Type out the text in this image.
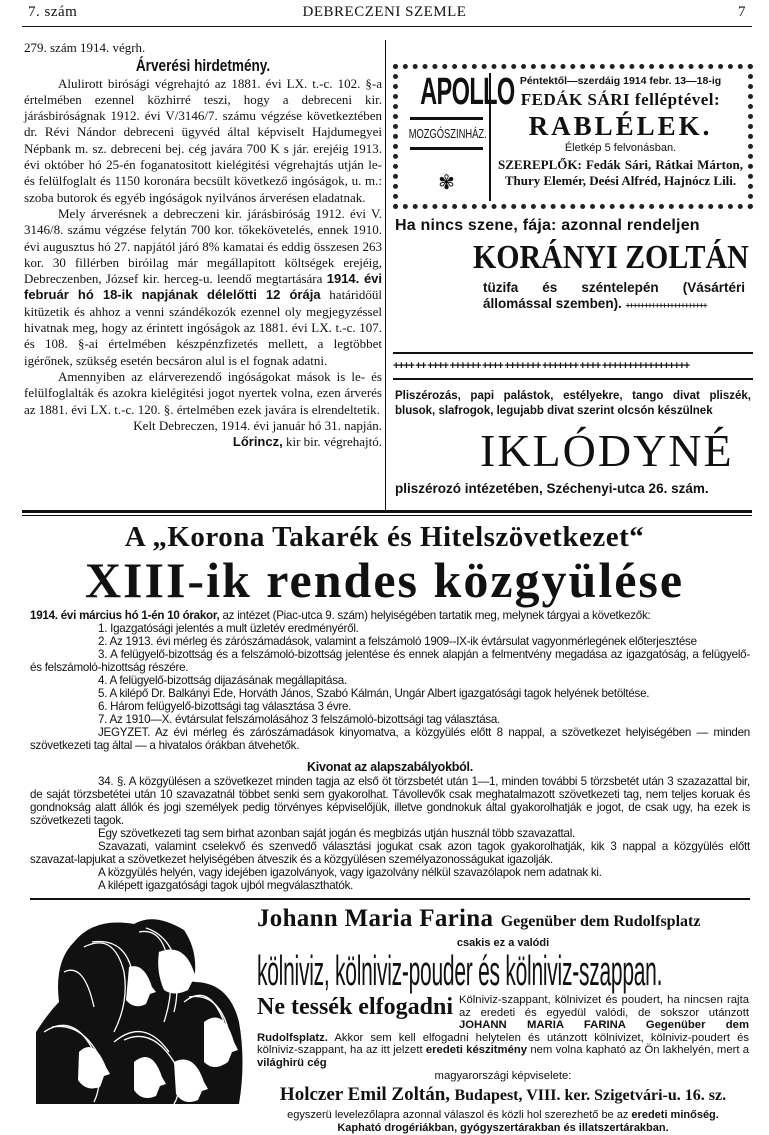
7. szám	DEBRECZENI SZEMLE	7
279. szám 1914. végrh.
Árverési hirdetmény.

Alulirott birósági végrehajtó az 1881. évi LX. t.-c. 102. §-a értelmében ezennel közhirré teszi, hogy a debreceni kir. járásbiróságnak 1912. évi V/3146/7. számu végzése következtében dr. Révi Nándor debreceni ügyvéd által képviselt Hajdumegyei Népbank m. sz. debreceni bej. cég javára 700 K s jár. erejéig 1913. évi október hó 25-én foganatositott kielégitési végrehajtás utján le- és felülfoglalt és 1150 koronára becsült következő ingóságok, u. m.: szoba butorok és egyéb ingóságok nyilvános árverésen eladatnak.

Mely árverésnek a debreczeni kir. járásbiróság 1912. évi V. 3146/8. számu végzése felytán 700 kor. tőkekövetelés, ennek 1910. évi augusztus hó 27. napjától járó 8% kamatai és eddig összesen 263 kor. 30 fillérben biróilag már megállapitott költségek erejéig, Debreczenben, József kir. herceg-u. leendő megtartására 1914. évi február hó 18-ik napjának délelőtti 12 órája határidőül kitüzetik és ahhoz a venni szándékozók ezennel oly megjegyzéssel hivatnak meg, hogy az érintett ingóságok az 1881. évi LX. t.-c. 107. és 108. §-ai értelmében készpénzfizetés mellett, a legtöbbet igérőnek, szükség esetén becsáron alul is el fognak adatni.

Amennyiben az elárverezendő ingóságokat mások is le- és felülfoglalták és azokra kielégitési jogot nyertek volna, ezen árverés az 1881. évi LX. t.-c. 120. §. értelmében ezek javára is elrendeltetik.

Kelt Debreczen, 1914. évi január hó 31. napján.
Lőrincz, kir bir. végrehajtó.
APOLLO
MOZGÓSZINHÁZ.
✾
Péntektől—szerdáig 1914 febr. 13—18-ig
FEDÁK SÁRI felléptével:
RABLÉLEK.
Életkép 5 felvonásban.
SZEREPLŐK: Fedák Sári, Rátkai Márton, Thury Elemér, Deési Alfréd, Hajnócz Lili.
Ha nincs szene, fája: azonnal rendeljen
KORÁNYI ZOLTÁN
tüzifa és széntelepén (Vásártéri állomással szemben). ++++++++++++++++++++++
++++ ++ ++++ ++++++ ++++ +++++++ +++++++ ++++ +++++++++++++++++
Pliszérozás, papi palástok, estélyekre, tango divat pliszék, blusok, slafrogok, legujabb divat szerint olcsón készülnek
IKLÓDYNÉ
pliszérozó intézetében, Széchenyi-utca 26. szám.
A „Korona Takarék és Hitelszövetkezet“
XIII-ik rendes közgyülése
1914. évi március hó 1-én 10 órakor, az intézet (Piac-utca 9. szám) helyiségében tartatik meg, melynek tárgyai a következők:
1. Igazgatósági jelentés a mult üzletév eredményéről.
2. Az 1913. évi mérleg és zárószámadások, valamint a felszámoló 1909--IX-ik évtársulat vagyonmérlegének előterjesztése
3. A felügyelő-bizottság és a felszámoló-bizottság jelentése és ennek alapján a felmentvény megadása az igazgatóság, a felügyelő- és felszámoló-hizottság részére.
4. A felügyelő-bizottság dijazásának megállapitása.
5. A kilépő Dr. Balkányi Ede, Horváth János, Szabó Kálmán, Ungár Albert igazgatósági tagok helyének betöltése.
6. Három felügyelő-bizottsági tag választása 3 évre.
7. Az 1910—X. évtársulat felszámolásához 3 felszámoló-bizottsági tag választása.
JEGYZET. Az évi mérleg és zárószámadások kinyomatva, a közgyülés előtt 8 nappal, a szövetkezet helyiségében — minden szövetkezeti tag által — a hivatalos órákban átvehetők.
Kivonat az alapszabályokból.
34. §. A közgyülésen a szövetkezet minden tagja az első öt törzsbetét után 1—1, minden további 5 törzsbetét után 3 szazazattal bir, de saját törzsbetétei után 10 szavazatnál többet senki sem gyakorolhat. Távollevők csak meghatalmazott szövetkezeti tag, nem teljes koruak és gondnokság alatt állók és jogi személyek pedig törvényes képviselőjük, illetve gondnokuk által gyakorolhatják e jogot, de csak ugy, ha ezek is szövetkezeti tagok.
Egy szövetkezeti tag sem birhat azonban saját jogán és megbizás utján husznál több szavazattal.
Szavazati, valamint cselekvő és szenvedő választási jogukat csak azon tagok gyakorolhatják, kik 3 nappal a közgyülés előtt szavazat-lapjukat a szövetkezet helyiségében átveszik és a közgyülésen személyazonosságukat igazolják.
A közgyülés helyén, vagy idejében igazolványok, vagy igazolvány nélkül szavazólapok nem adatnak ki.
A kilépett igazgatósági tagok ujból megválaszthatók.
Johann Maria Farina Gegenüber dem Rudolfsplatz
csakis ez a valódi
kölniviz, kölniviz-pouder és kölniviz-szappan.
Ne tessék elfogadni Kölniviz-szappant, kölnivizet és poudert, ha nincsen rajta az eredeti és egyedül valódi, de sokszor utánzott JOHANN MARIA FARINA Gegenüber dem Rudolfsplatz. Akkor sem kell elfogadni helytelen és utánzott kölnivizet, kölniviz-poudert és kölniviz-szappant, ha az itt jelzett eredeti készitmény nem volna kapható az Ön lakhelyén, mert a világhirü cég
magyarországi képviselete:
Holczer Emil Zoltán, Budapest, VIII. ker. Szigetvári-u. 16. sz.
egyszerü levelezőlapra azonnal válaszol és közli hol szerezhető be az eredeti minőség.
Kapható drogériákban, gyógyszertárakban és illatszertárakban.
